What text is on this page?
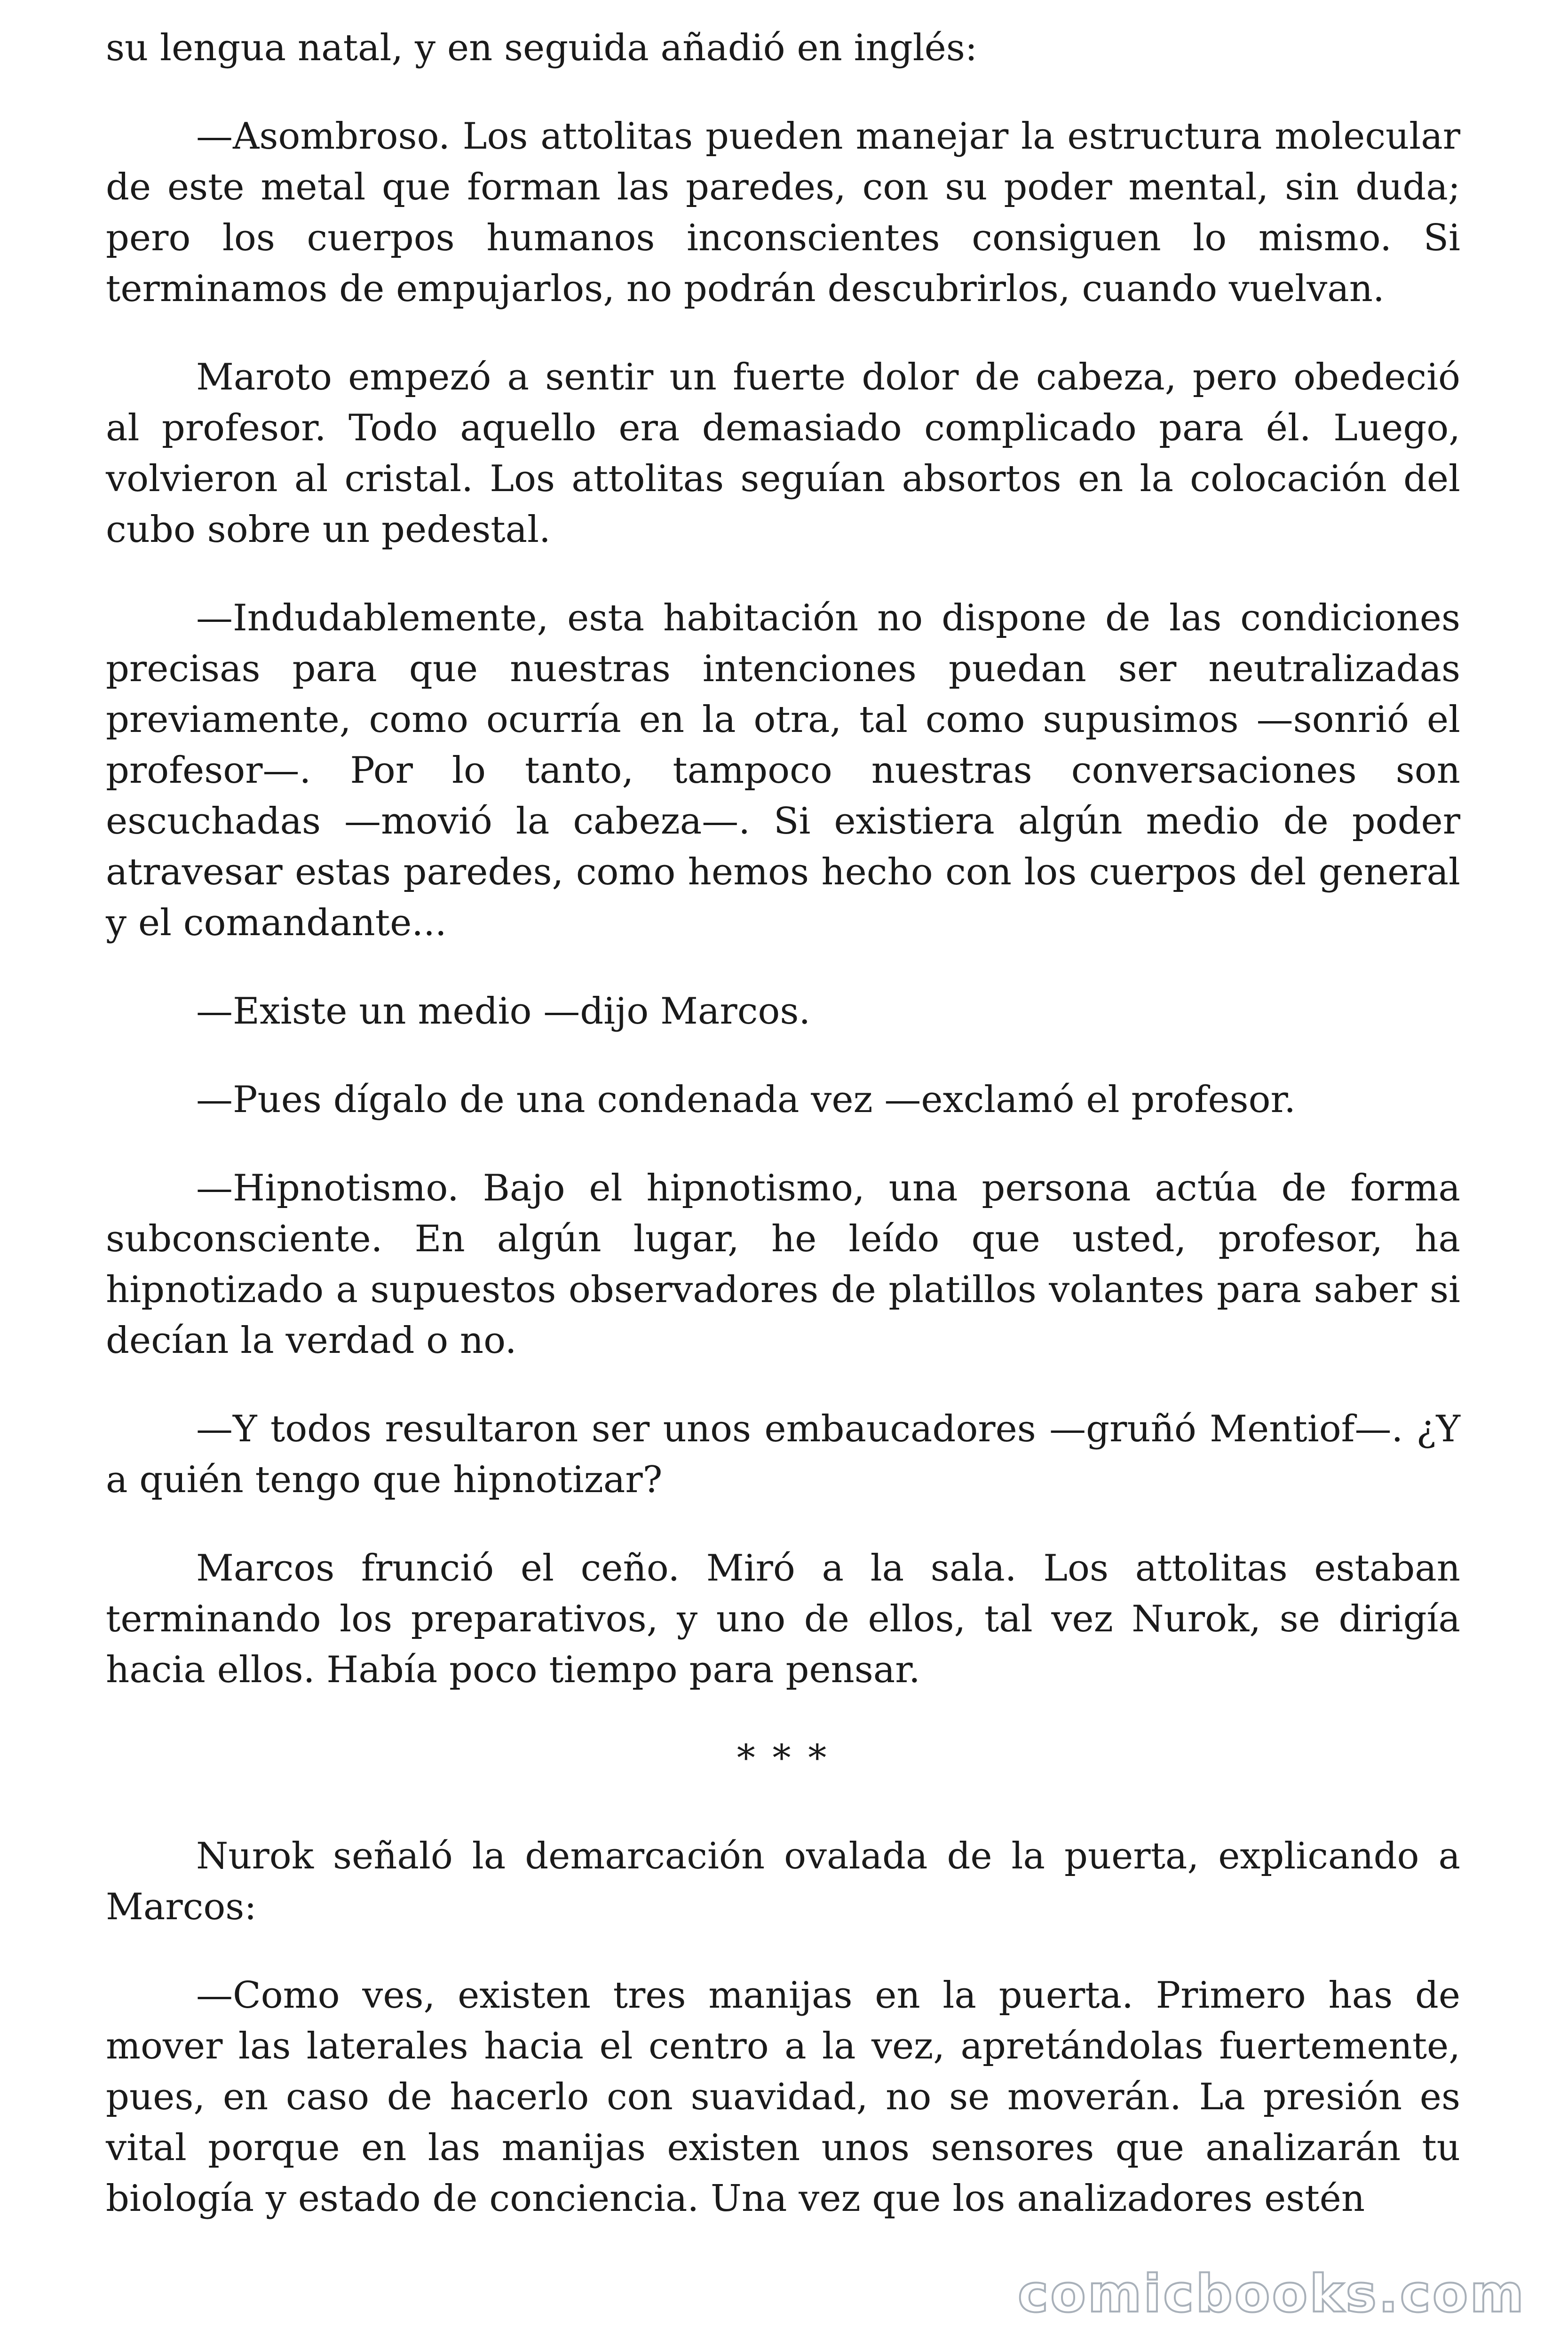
su lengua natal, y en seguida añadió en inglés:

—Asombroso. Los attolitas pueden manejar la estructura molecular de este metal que forman las paredes, con su poder mental, sin duda; pero los cuerpos humanos inconscientes consiguen lo mismo. Si terminamos de empujarlos, no podrán descubrirlos, cuando vuelvan.

Maroto empezó a sentir un fuerte dolor de cabeza, pero obedeció al profesor. Todo aquello era demasiado complicado para él. Luego, volvieron al cristal. Los attolitas seguían absortos en la colocación del cubo sobre un pedestal.

—Indudablemente, esta habitación no dispone de las condiciones precisas para que nuestras intenciones puedan ser neutralizadas previamente, como ocurría en la otra, tal como supusimos —sonrió el profesor—. Por lo tanto, tampoco nuestras conversaciones son escuchadas —movió la cabeza—. Si existiera algún medio de poder atravesar estas paredes, como hemos hecho con los cuerpos del general y el comandante...

—Existe un medio —dijo Marcos.

—Pues dígalo de una condenada vez —exclamó el profesor.

—Hipnotismo. Bajo el hipnotismo, una persona actúa de forma subconsciente. En algún lugar, he leído que usted, profesor, ha hipnotizado a supuestos observadores de platillos volantes para saber si decían la verdad o no.

—Y todos resultaron ser unos embaucadores —gruñó Mentiof—. ¿Y a quién tengo que hipnotizar?

Marcos frunció el ceño. Miró a la sala. Los attolitas estaban terminando los preparativos, y uno de ellos, tal vez Nurok, se dirigía hacia ellos. Había poco tiempo para pensar.

* * *

Nurok señaló la demarcación ovalada de la puerta, explicando a Marcos:

—Como ves, existen tres manijas en la puerta. Primero has de mover las laterales hacia el centro a la vez, apretándolas fuertemente, pues, en caso de hacerlo con suavidad, no se moverán. La presión es vital porque en las manijas existen unos sensores que analizarán tu biología y estado de conciencia. Una vez que los analizadores estén

comicbooks.com
